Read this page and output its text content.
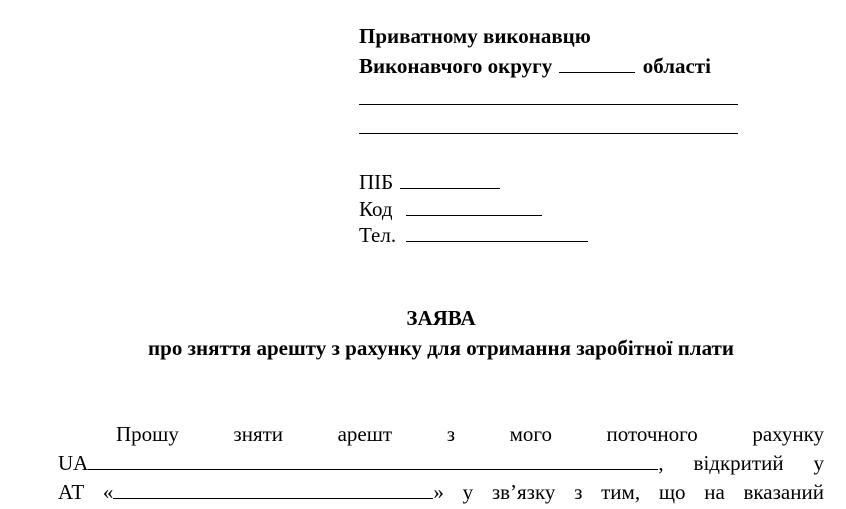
Приватному виконавцю
Виконавчого округу	області
ПІБ
Код
Тел.
ЗАЯВА
про зняття арешту з рахунку для отримання заробітної плати
Прошу	зняти	арешт	з	мого	поточного	рахунку
UA	, відкритий у
АТ «	» у зв’язку з тим, що на вказаний
